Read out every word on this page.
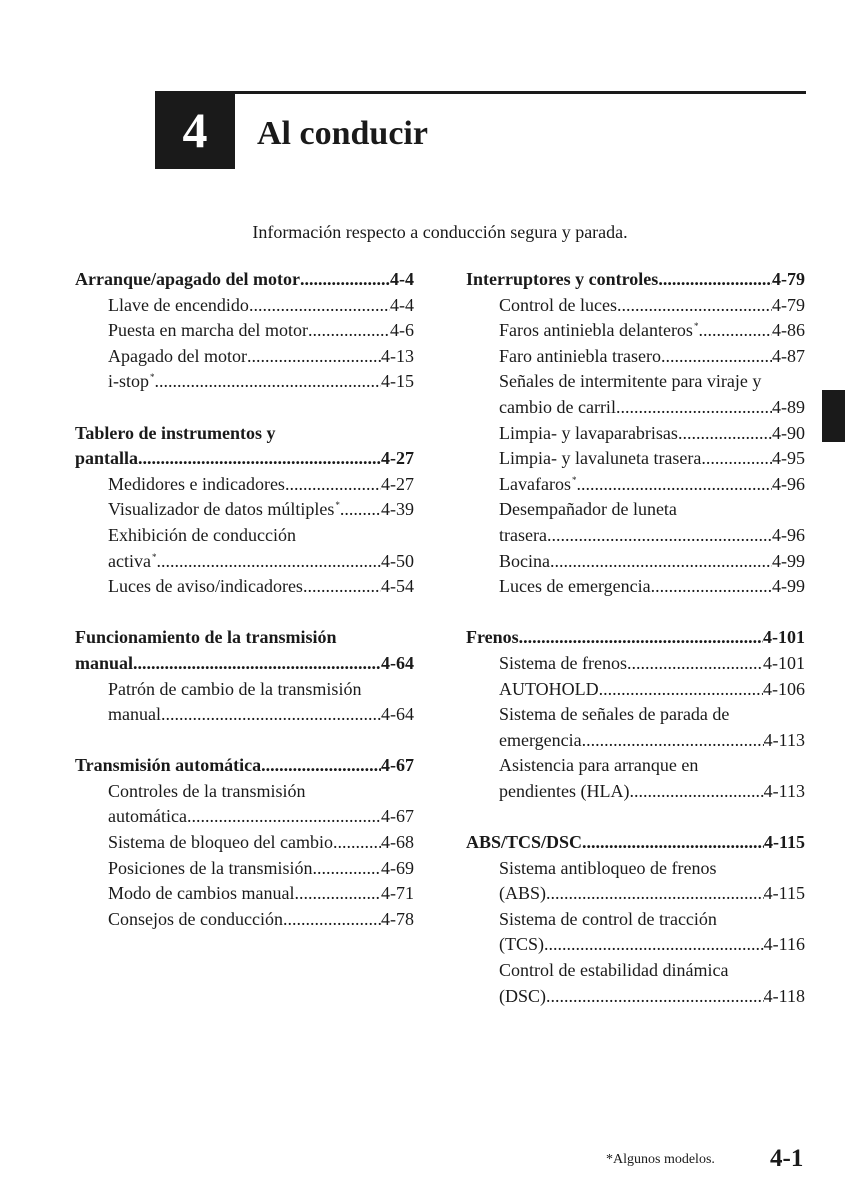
4 Al conducir
Información respecto a conducción segura y parada.
Arranque/apagado del motor .....	4-4
Llave de encendido .....	4-4
Puesta en marcha del motor .....	4-6
Apagado del motor .....	4-13
i-stop* .....	4-15
Tablero de instrumentos y
pantalla .....	4-27
Medidores e indicadores .....	4-27
Visualizador de datos múltiples* ..... 4-39
Exhibición de conducción
activa* .....	4-50
Luces de aviso/indicadores .....	4-54
Funcionamiento de la transmisión
manual .....	4-64
Patrón de cambio de la transmisión
manual .....	4-64
Transmisión automática .....	4-67
Controles de la transmisión
automática .....	4-67
Sistema de bloqueo del cambio .....	4-68
Posiciones de la transmisión .....	4-69
Modo de cambios manual .....	4-71
Consejos de conducción .....	4-78
Interruptores y controles .....	4-79
Control de luces .....	4-79
Faros antiniebla delanteros* .....	4-86
Faro antiniebla trasero .....	4-87
Señales de intermitente para viraje y
cambio de carril .....	4-89
Limpia- y lavaparabrisas .....	4-90
Limpia- y lavaluneta trasera .....	4-95
Lavafaros* .....	4-96
Desempañador de luneta
trasera .....	4-96
Bocina .....	4-99
Luces de emergencia .....	4-99
Frenos .....	4-101
Sistema de frenos .....	4-101
AUTOHOLD .....	4-106
Sistema de señales de parada de
emergencia .....	4-113
Asistencia para arranque en
pendientes (HLA) .....	4-113
ABS/TCS/DSC .....	4-115
Sistema antibloqueo de frenos
(ABS) .....	4-115
Sistema de control de tracción
(TCS) .....	4-116
Control de estabilidad dinámica
(DSC) .....	4-118
*Algunos modelos. 4-1
